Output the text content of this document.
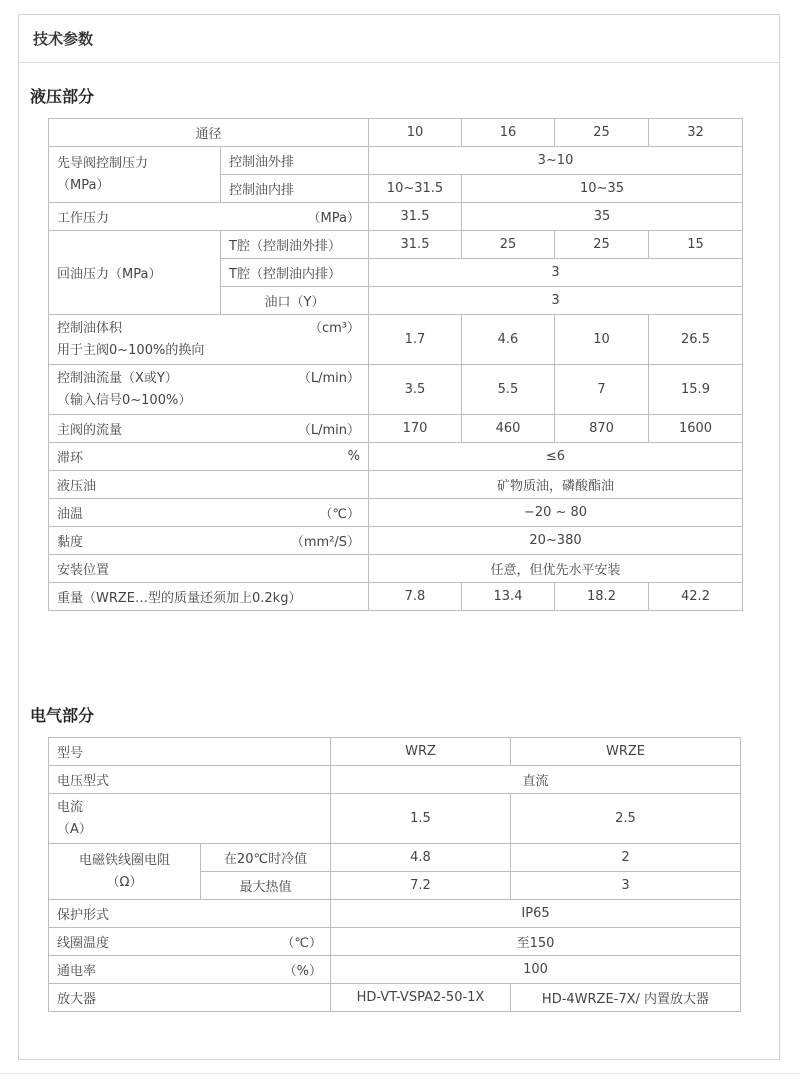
技术参数
液压部分
通径		10	16	25	32

先导阀控制压力
（MPa）	控制油外排	3~10			
	控制油内排	10~31.5	10~35		

工作压力 （MPa）		31.5	35		
回油压力（MPa）	T腔（控制油外排）	31.5	25	25	15
	T腔（控制油内排）	3			
	油口（Y）	3			

控制油体积 （cm³）
用于主阀0~100%的换向		1.7	4.6	10	26.5

控制油流量（X或Y） （L/min）
（输入信号0~100%）		3.5	5.5	7	15.9

主阀的流量 （L/min）		170	460	870	1600

滞环 %		≤6			
液压油		矿物质油，磷酸酯油			

油温 （℃）		−20 ~ 80			

黏度 （mm²/S）		20~380			
安装位置		任意，但优先水平安装			
重量（WRZE…型的质量还须加上0.2kg）		7.8	13.4	18.2	42.2
电气部分
型号		WRZ	WRZE
电压型式		直流	

电流
（A）		1.5	2.5

电磁铁线圈电阻
（Ω）	在20℃时冷值	4.8	2
	最大热值	7.2	3
保护形式		IP65	

线圈温度 （℃）		至150	

通电率 （%）		100	
放大器		HD-VT-VSPA2-50-1X	HD-4WRZE-7X/ 内置放大器
